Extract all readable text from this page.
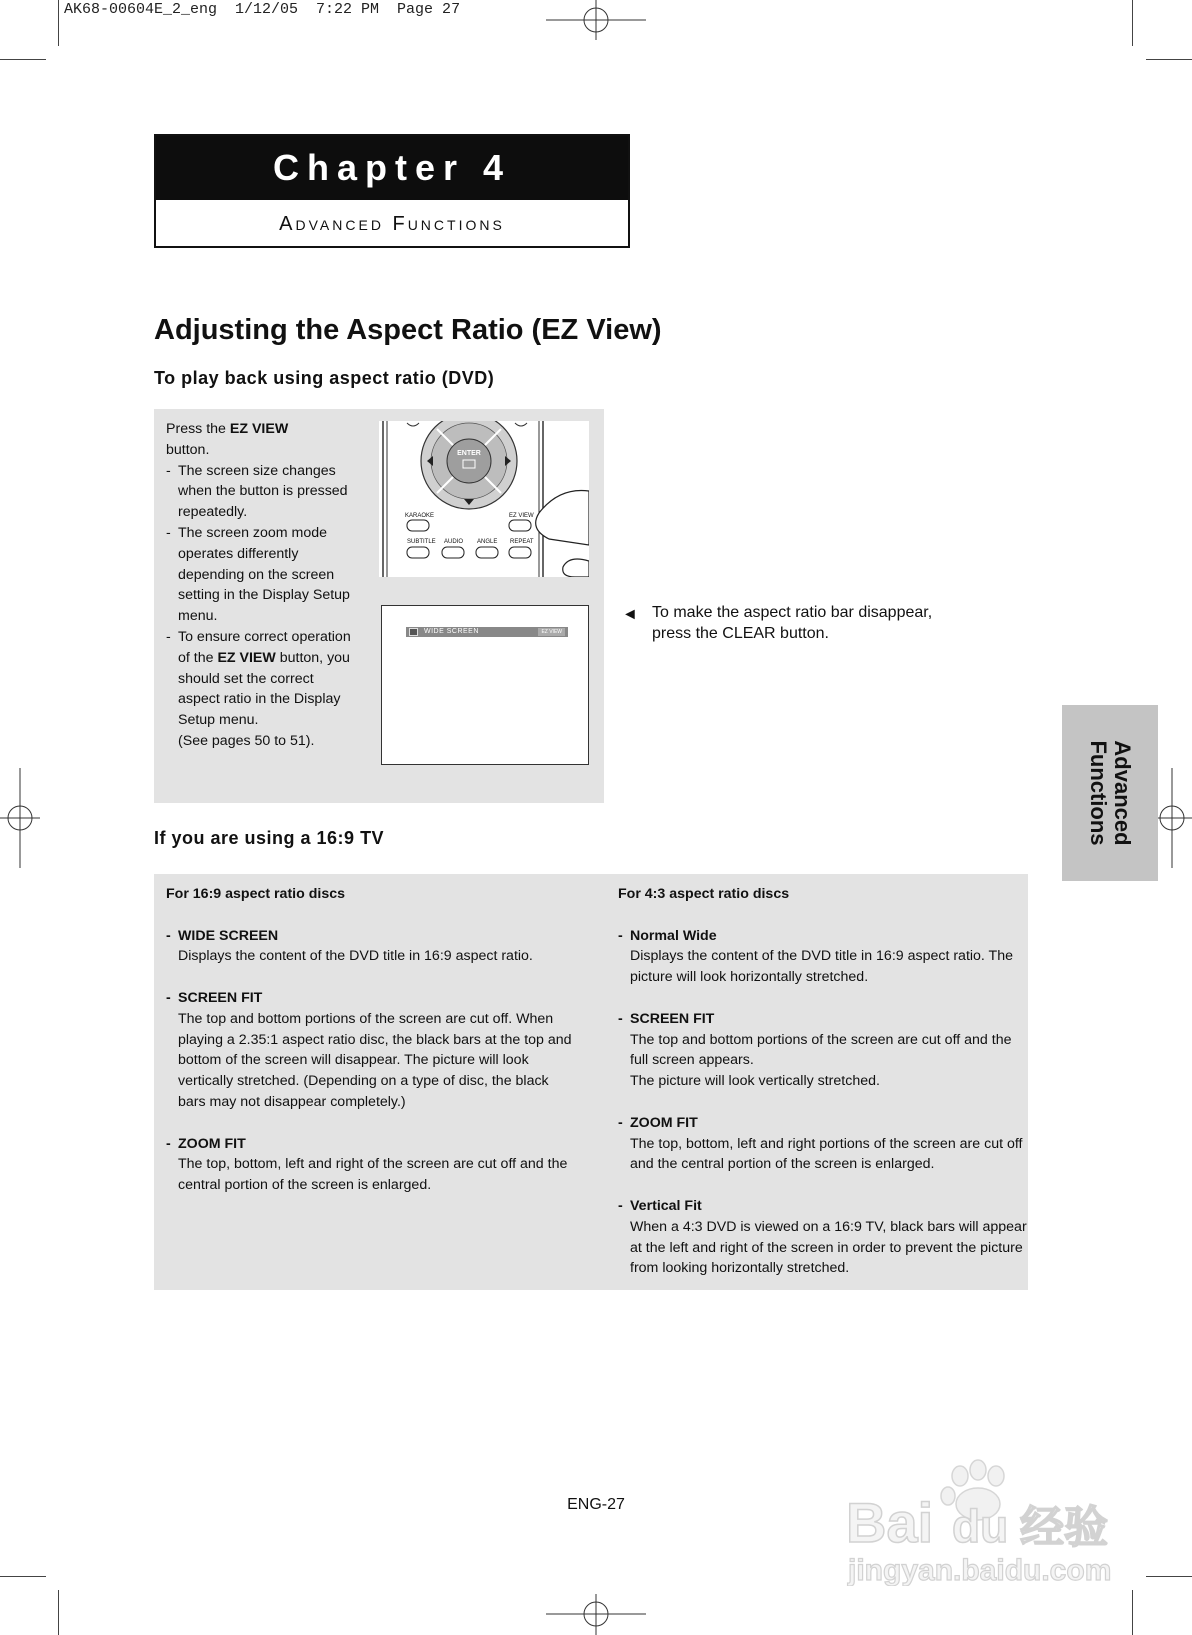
AK68-00604E_2_eng  1/12/05  7:22 PM  Page 27
Chapter 4
Advanced Functions
Adjusting the Aspect Ratio (EZ View)
To play back using aspect ratio (DVD)
Press the EZ VIEW
button.
- The screen size changes when the button is pressed repeatedly.
- The screen zoom mode operates differently depending on the screen setting in the Display Setup menu.
- To ensure correct operation of the EZ VIEW button, you should set the correct aspect ratio in the Display Setup menu.
(See pages 50 to 51).
ENTER
KARAOKE	EZ VIEW
SUBTITLE AUDIO ANGLE REPEAT
WIDE SCREEN	EZ VIEW
◄ To make the aspect ratio bar disappear,
press the CLEAR button.
Advanced
Functions
If you are using a 16:9 TV
For 16:9 aspect ratio discs
- WIDE SCREEN
Displays the content of the DVD title in 16:9 aspect ratio.
- SCREEN FIT
The top and bottom portions of the screen are cut off. When playing a 2.35:1 aspect ratio disc, the black bars at the top and bottom of the screen will disappear. The picture will look vertically stretched. (Depending on a type of disc, the black bars may not disappear completely.)
- ZOOM FIT
The top, bottom, left and right of the screen are cut off and the central portion of the screen is enlarged.
For 4:3 aspect ratio discs
- Normal Wide
Displays the content of the DVD title in 16:9 aspect ratio. The picture will look horizontally stretched.
- SCREEN FIT
The top and bottom portions of the screen are cut off and the full screen appears.
The picture will look vertically stretched.
- ZOOM FIT
The top, bottom, left and right portions of the screen are cut off and the central portion of the screen is enlarged.
- Vertical Fit
When a 4:3 DVD is viewed on a 16:9 TV, black bars will appear at the left and right of the screen in order to prevent the picture from looking horizontally stretched.
ENG-27	Bai du 经验
jingyan.baidu.com
